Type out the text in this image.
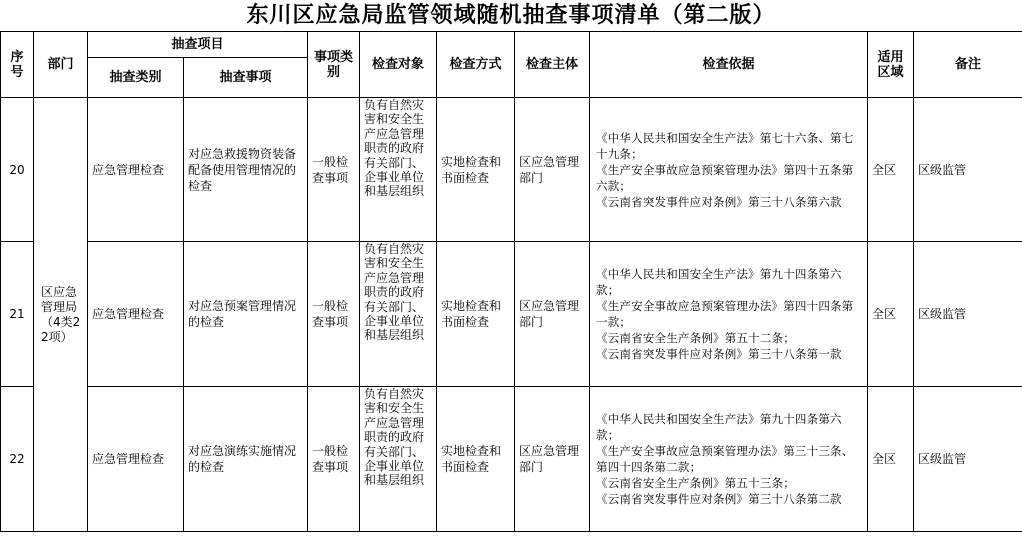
东川区应急局监管领域随机抽查事项清单（第二版）
序号	部门	抽查项目		事项类别	检查对象	检查方式	检查主体	检查依据	适用区域	备注
		抽查类别	抽查事项							
20	区应急管理局（4类22项）	应急管理检查	对应急救援物资装备配备使用管理情况的检查	一般检查事项	负有自然灾害和安全生产应急管理职责的政府有关部门、企事业单位和基层组织	实地检查和书面检查	区应急管理部门	《中华人民共和国安全生产法》第七十六条、第七十九条；
《生产安全事故应急预案管理办法》第四十五条第六款；
《云南省突发事件应对条例》第三十八条第六款	全区	区级监管
21		应急管理检查	对应急预案管理情况的检查	一般检查事项	负有自然灾害和安全生产应急管理职责的政府有关部门、企事业单位和基层组织	实地检查和书面检查	区应急管理部门	《中华人民共和国安全生产法》第九十四条第六款；
《生产安全事故应急预案管理办法》第四十四条第一款；
《云南省安全生产条例》第五十二条；
《云南省突发事件应对条例》第三十八条第一款	全区	区级监管
22		应急管理检查	对应急演练实施情况的检查	一般检查事项	负有自然灾害和安全生产应急管理职责的政府有关部门、企事业单位和基层组织	实地检查和书面检查	区应急管理部门	《中华人民共和国安全生产法》第九十四条第六款；
《生产安全事故应急预案管理办法》第三十三条、第四十四条第二款；
《云南省安全生产条例》第五十三条；
《云南省突发事件应对条例》第三十八条第二款	全区	区级监管
